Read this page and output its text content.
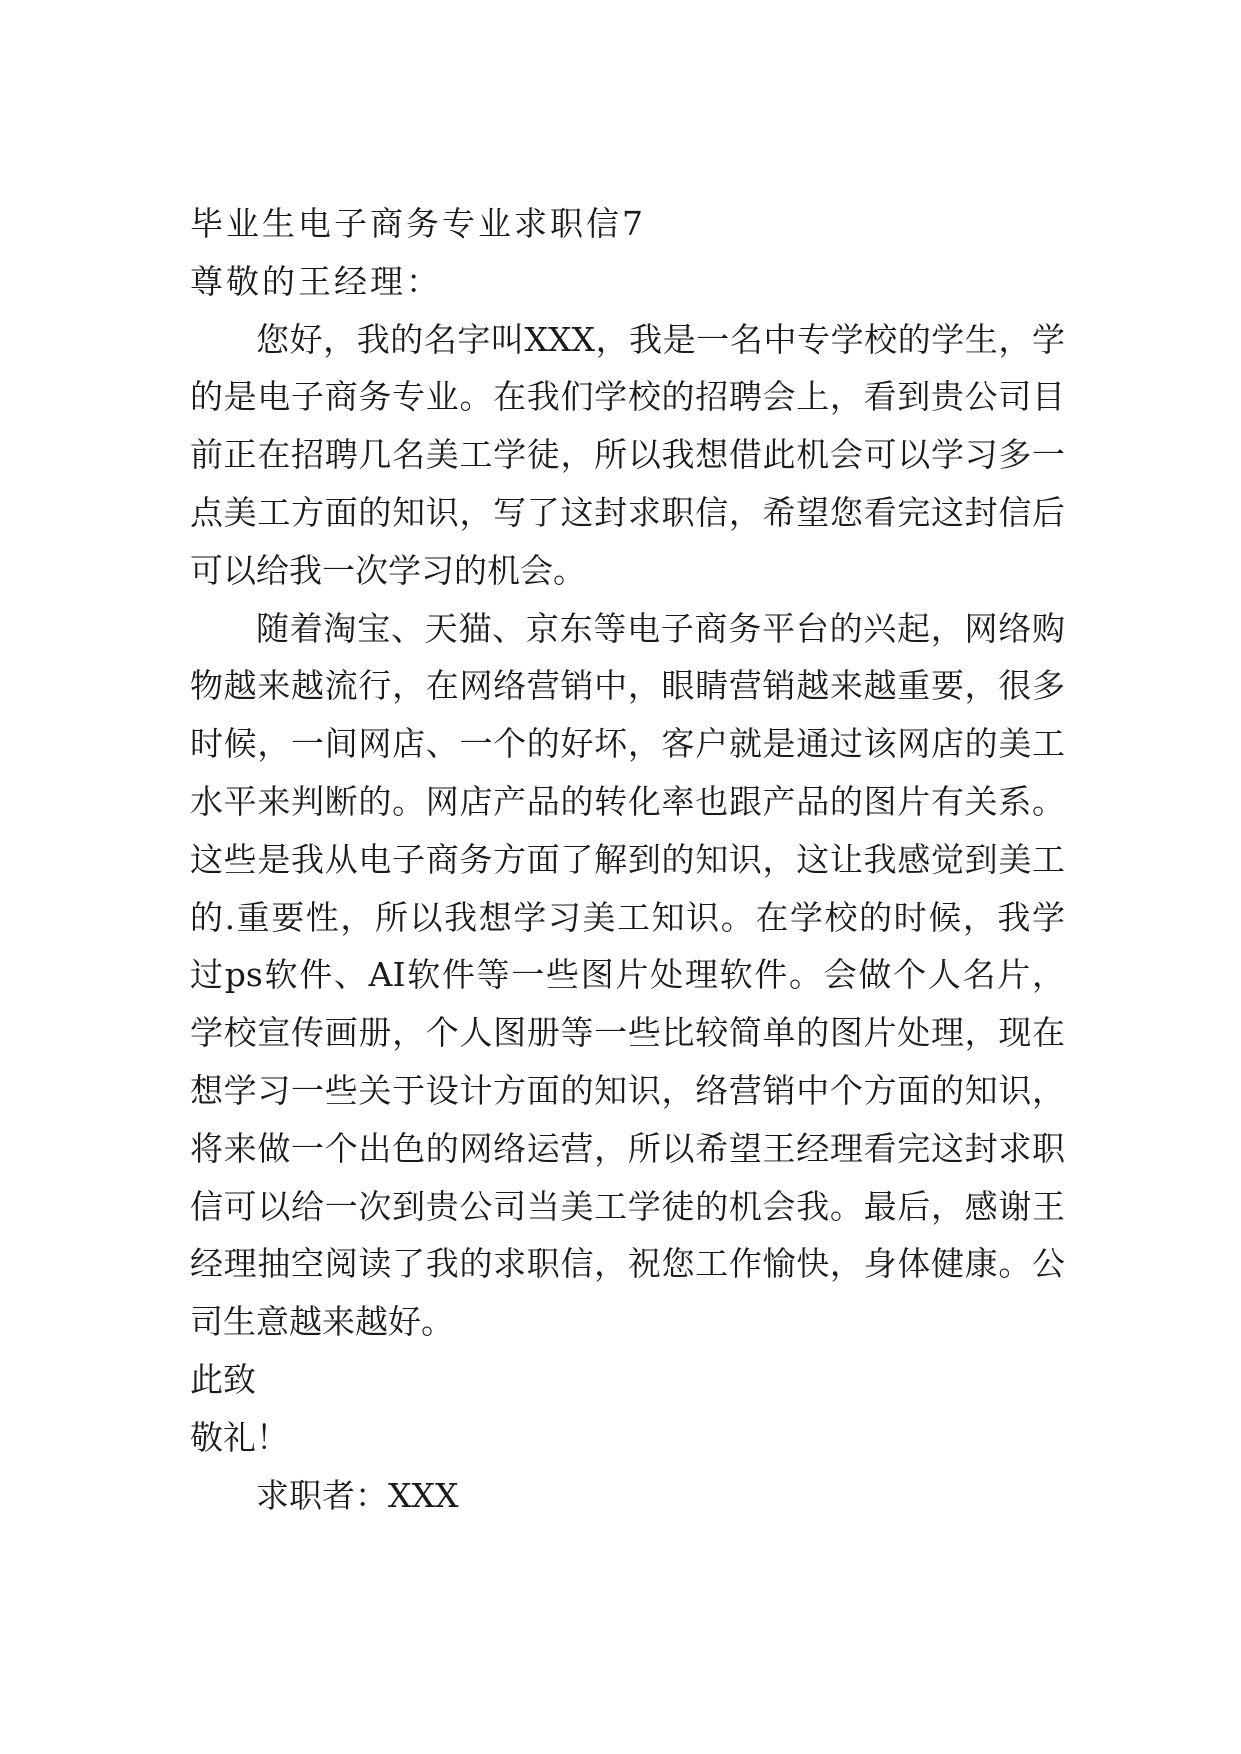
毕业生电子商务专业求职信7

尊敬的王经理：

您好，我的名字叫XXX，我是一名中专学校的学生，学

的是电子商务专业。在我们学校的招聘会上，看到贵公司目

前正在招聘几名美工学徒，所以我想借此机会可以学习多一

点美工方面的知识，写了这封求职信，希望您看完这封信后

可以给我一次学习的机会。

随着淘宝、天猫、京东等电子商务平台的兴起，网络购

物越来越流行，在网络营销中，眼睛营销越来越重要，很多

时候，一间网店、一个的好坏，客户就是通过该网店的美工

水平来判断的。网店产品的转化率也跟产品的图片有关系。

这些是我从电子商务方面了解到的知识，这让我感觉到美工

的.重要性，所以我想学习美工知识。在学校的时候，我学

过ps软件、AI软件等一些图片处理软件。会做个人名片，

学校宣传画册，个人图册等一些比较简单的图片处理，现在

想学习一些关于设计方面的知识，络营销中个方面的知识，

将来做一个出色的网络运营，所以希望王经理看完这封求职

信可以给一次到贵公司当美工学徒的机会我。最后，感谢王

经理抽空阅读了我的求职信，祝您工作愉快，身体健康。公

司生意越来越好。

此致

敬礼！

求职者：XXX
